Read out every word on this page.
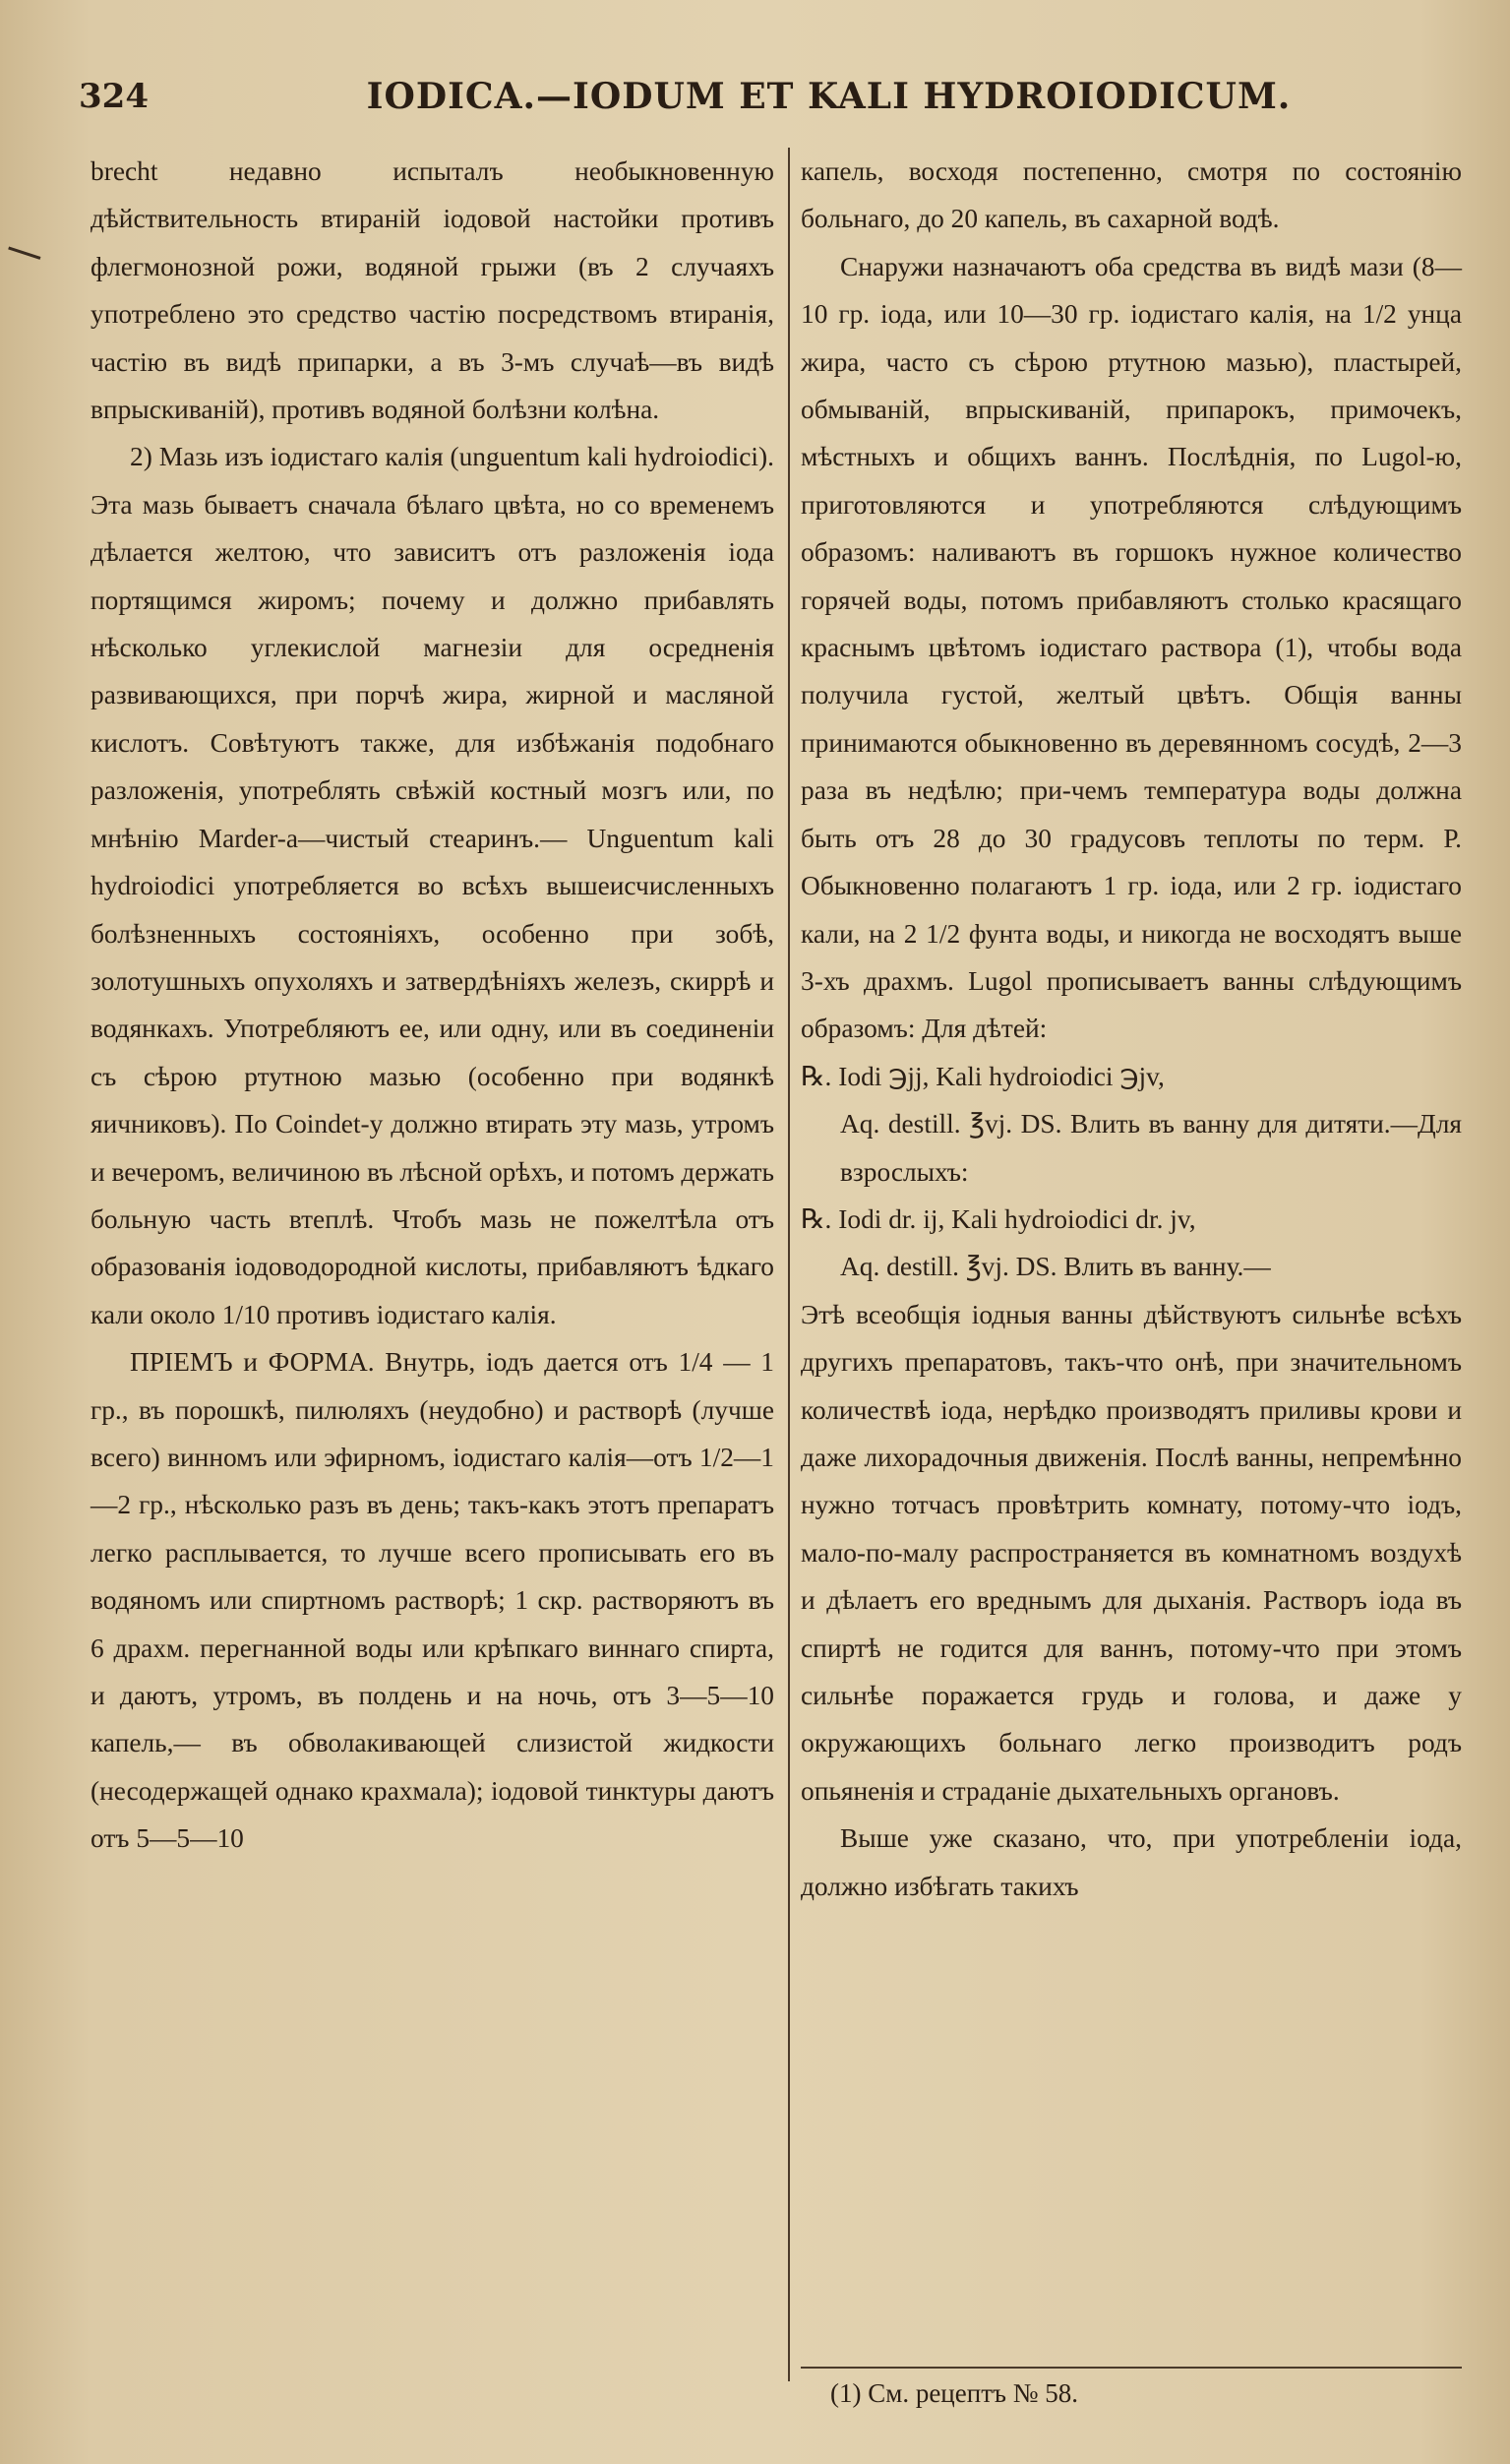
324	IODICA.—IODUM ET KALI HYDROIODICUM.

brecht недавно испыталъ необыкновенную дѣйствительность втираній iодовой настойки противъ флегмонозной рожи, водяной грыжи (въ 2 случаяхъ употреблено это средство частiю посредствомъ втиранія, частiю въ видѣ припарки, а въ 3-мъ случаѣ—въ видѣ впрыскиваній), противъ водяной болѣзни колѣна.

2) Мазь изъ iодистаго калія (unguentum kali hydroiodici). Эта мазь бываетъ сначала бѣлаго цвѣта, но со временемъ дѣлается желтою, что зависитъ отъ разложенія iода портящимся жиромъ; почему и должно прибавлять нѣсколько углекислой магнезіи для осредненія развивающихся, при порчѣ жира, жирной и масляной кислотъ. Совѣтуютъ также, для избѣжанія подобнаго разложенія, употреблять свѣжій костный мозгъ или, по мнѣнію Marder-а—чистый стеаринъ.— Unguentum kali hydroiodici употребляется во всѣхъ вышеисчисленныхъ болѣзненныхъ состояніяхъ, особенно при зобѣ, золотушныхъ опухоляхъ и затвердѣніяхъ железъ, скиррѣ и водянкахъ. Употребляютъ ее, или одну, или въ соединеніи съ сѣрою ртутною мазью (особенно при водянкѣ яичниковъ). По Coindet-у должно втирать эту мазь, утромъ и вечеромъ, величиною въ лѣсной орѣхъ, и потомъ держать больную часть втеплѣ. Чтобъ мазь не пожелтѣла отъ образованія iодоводородной кислоты, прибавляютъ ѣдкаго кали около 1/10 противъ iодистаго калія.

ПРІЕМЪ и ФОРМА. Внутрь, iодъ дается отъ 1/4 — 1 гр., въ порошкѣ, пилюляхъ (неудобно) и растворѣ (лучше всего) винномъ или эфирномъ, iодистаго калія—отъ 1/2—1—2 гр., нѣсколько разъ въ день; такъ-какъ этотъ препаратъ легко расплывается, то лучше всего прописывать его въ водяномъ или спиртномъ растворѣ; 1 скр. растворяютъ въ 6 драхм. перегнанной воды или крѣпкаго виннаго спирта, и даютъ, утромъ, въ полдень и на ночь, отъ 3—5—10 капель,— въ обволакивающей слизистой жидкости (несодержащей однако крахмала); iодовой тинктуры даютъ отъ 5—5—10

капель, восходя постепенно, смотря по состоянію больнаго, до 20 капель, въ сахарной водѣ.

Снаружи назначаютъ оба средства въ видѣ мази (8—10 гр. iода, или 10—30 гр. iодистаго калія, на 1/2 унца жира, часто съ сѣрою ртутною мазью), пластырей, обмываній, впрыскиваній, припарокъ, примочекъ, мѣстныхъ и общихъ ваннъ. Послѣднія, по Lugol-ю, приготовляются и употребляются слѣдующимъ образомъ: наливаютъ въ горшокъ нужное количество горячей воды, потомъ прибавляютъ столько красящаго краснымъ цвѣтомъ iодистаго раствора (1), чтобы вода получила густой, желтый цвѣтъ. Общія ванны принимаются обыкновенно въ деревянномъ сосудѣ, 2—3 раза въ недѣлю; при-чемъ температура воды должна быть отъ 28 до 30 градусовъ теплоты по терм. Р. Обыкновенно полагаютъ 1 гр. iода, или 2 гр. iодистаго кали, на 2 1/2 фунта воды, и никогда не восходятъ выше 3-хъ драхмъ. Lugol прописываетъ ванны слѣдующимъ образомъ: Для дѣтей:

℞. Iodi ℈jj, Kali hydroiodici ℈jv,

Aq. destill. ℥vj. DS. Влить въ ванну для дитяти.—Для взрослыхъ:

℞. Iodi dr. ij, Kali hydroiodici dr. jv,

Aq. destill. ℥vj. DS. Влить въ ванну.—

Этѣ всеобщія iодныя ванны дѣйствуютъ сильнѣе всѣхъ другихъ препаратовъ, такъ-что онѣ, при значительномъ количествѣ iода, нерѣдко производятъ приливы крови и даже лихорадочныя движенія. Послѣ ванны, непремѣнно нужно тотчасъ провѣтрить комнату, потому-что iодъ, мало-по-малу распространяется въ комнатномъ воздухѣ и дѣлаетъ его вреднымъ для дыханія. Растворъ iода въ спиртѣ не годится для ваннъ, потому-что при этомъ сильнѣе поражается грудь и голова, и даже у окружающихъ больнаго легко производитъ родъ опьяненія и страданіе дыхательныхъ органовъ.

Выше уже сказано, что, при употребленіи iода, должно избѣгать такихъ

(1) См. рецептъ № 58.
